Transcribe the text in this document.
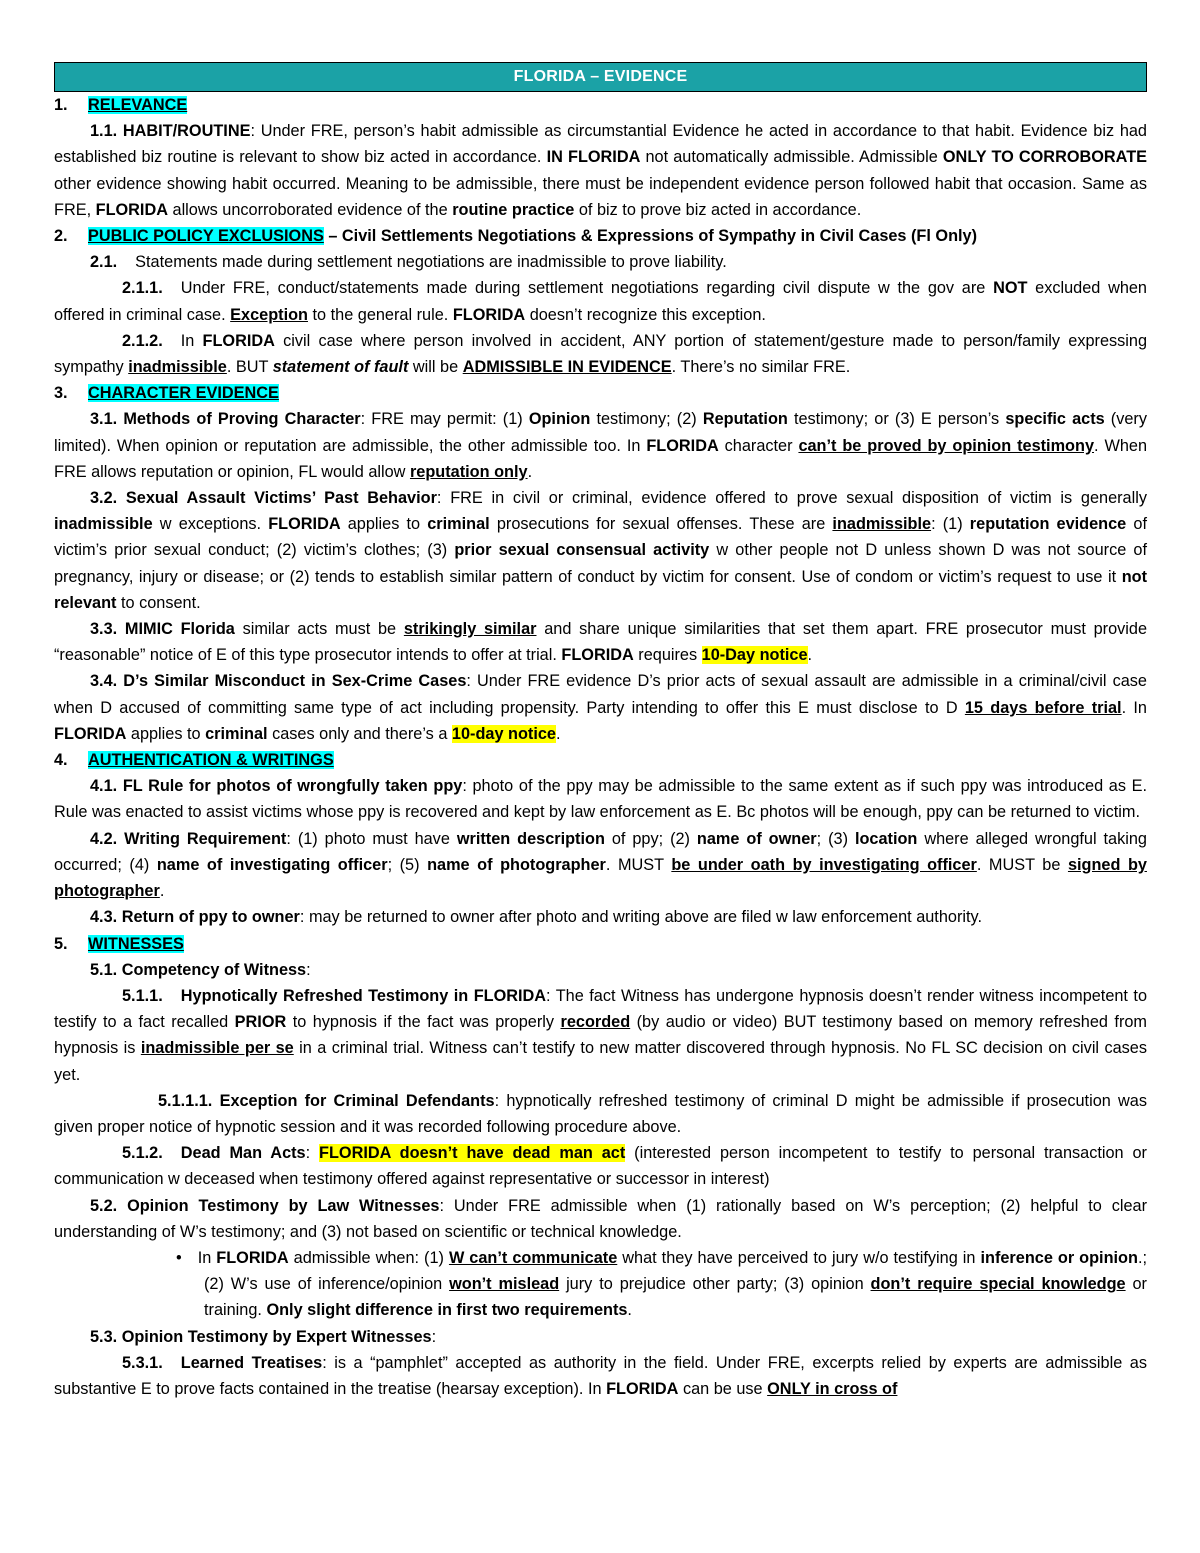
FLORIDA – EVIDENCE

1. RELEVANCE

1.1. HABIT/ROUTINE: Under FRE, person’s habit admissible as circumstantial Evidence he acted in accordance to that habit. Evidence biz had established biz routine is relevant to show biz acted in accordance. IN FLORIDA not automatically admissible. Admissible ONLY TO CORROBORATE other evidence showing habit occurred. Meaning to be admissible, there must be independent evidence person followed habit that occasion. Same as FRE, FLORIDA allows uncorroborated evidence of the routine practice of biz to prove biz acted in accordance.

2. PUBLIC POLICY EXCLUSIONS – Civil Settlements Negotiations & Expressions of Sympathy in Civil Cases (Fl Only)

2.1. Statements made during settlement negotiations are inadmissible to prove liability.

2.1.1. Under FRE, conduct/statements made during settlement negotiations regarding civil dispute w the gov are NOT excluded when offered in criminal case. Exception to the general rule. FLORIDA doesn’t recognize this exception.

2.1.2. In FLORIDA civil case where person involved in accident, ANY portion of statement/gesture made to person/family expressing sympathy inadmissible. BUT statement of fault will be ADMISSIBLE IN EVIDENCE. There’s no similar FRE.

3. CHARACTER EVIDENCE

3.1. Methods of Proving Character: FRE may permit: (1) Opinion testimony; (2) Reputation testimony; or (3) E person’s specific acts (very limited). When opinion or reputation are admissible, the other admissible too. In FLORIDA character can’t be proved by opinion testimony. When FRE allows reputation or opinion, FL would allow reputation only.

3.2. Sexual Assault Victims’ Past Behavior: FRE in civil or criminal, evidence offered to prove sexual disposition of victim is generally inadmissible w exceptions. FLORIDA applies to criminal prosecutions for sexual offenses. These are inadmissible: (1) reputation evidence of victim’s prior sexual conduct; (2) victim’s clothes; (3) prior sexual consensual activity w other people not D unless shown D was not source of pregnancy, injury or disease; or (2) tends to establish similar pattern of conduct by victim for consent. Use of condom or victim’s request to use it not relevant to consent.

3.3. MIMIC Florida similar acts must be strikingly similar and share unique similarities that set them apart. FRE prosecutor must provide “reasonable” notice of E of this type prosecutor intends to offer at trial. FLORIDA requires 10-Day notice.

3.4. D’s Similar Misconduct in Sex-Crime Cases: Under FRE evidence D’s prior acts of sexual assault are admissible in a criminal/civil case when D accused of committing same type of act including propensity. Party intending to offer this E must disclose to D 15 days before trial. In FLORIDA applies to criminal cases only and there’s a 10-day notice.

4. AUTHENTICATION & WRITINGS

4.1. FL Rule for photos of wrongfully taken ppy: photo of the ppy may be admissible to the same extent as if such ppy was introduced as E. Rule was enacted to assist victims whose ppy is recovered and kept by law enforcement as E. Bc photos will be enough, ppy can be returned to victim.

4.2. Writing Requirement: (1) photo must have written description of ppy; (2) name of owner; (3) location where alleged wrongful taking occurred; (4) name of investigating officer; (5) name of photographer. MUST be under oath by investigating officer. MUST be signed by photographer.

4.3. Return of ppy to owner: may be returned to owner after photo and writing above are filed w law enforcement authority.

5. WITNESSES

5.1. Competency of Witness:

5.1.1. Hypnotically Refreshed Testimony in FLORIDA: The fact Witness has undergone hypnosis doesn’t render witness incompetent to testify to a fact recalled PRIOR to hypnosis if the fact was properly recorded (by audio or video) BUT testimony based on memory refreshed from hypnosis is inadmissible per se in a criminal trial. Witness can’t testify to new matter discovered through hypnosis. No FL SC decision on civil cases yet.

5.1.1.1. Exception for Criminal Defendants: hypnotically refreshed testimony of criminal D might be admissible if prosecution was given proper notice of hypnotic session and it was recorded following procedure above.

5.1.2. Dead Man Acts: FLORIDA doesn’t have dead man act (interested person incompetent to testify to personal transaction or communication w deceased when testimony offered against representative or successor in interest)

5.2. Opinion Testimony by Law Witnesses: Under FRE admissible when (1) rationally based on W’s perception; (2) helpful to clear understanding of W’s testimony; and (3) not based on scientific or technical knowledge.

• In FLORIDA admissible when: (1) W can’t communicate what they have perceived to jury w/o testifying in inference or opinion.; (2) W’s use of inference/opinion won’t mislead jury to prejudice other party; (3) opinion don’t require special knowledge or training. Only slight difference in first two requirements.

5.3. Opinion Testimony by Expert Witnesses:

5.3.1. Learned Treatises: is a “pamphlet” accepted as authority in the field. Under FRE, excerpts relied by experts are admissible as substantive E to prove facts contained in the treatise (hearsay exception). In FLORIDA can be use ONLY in cross of
